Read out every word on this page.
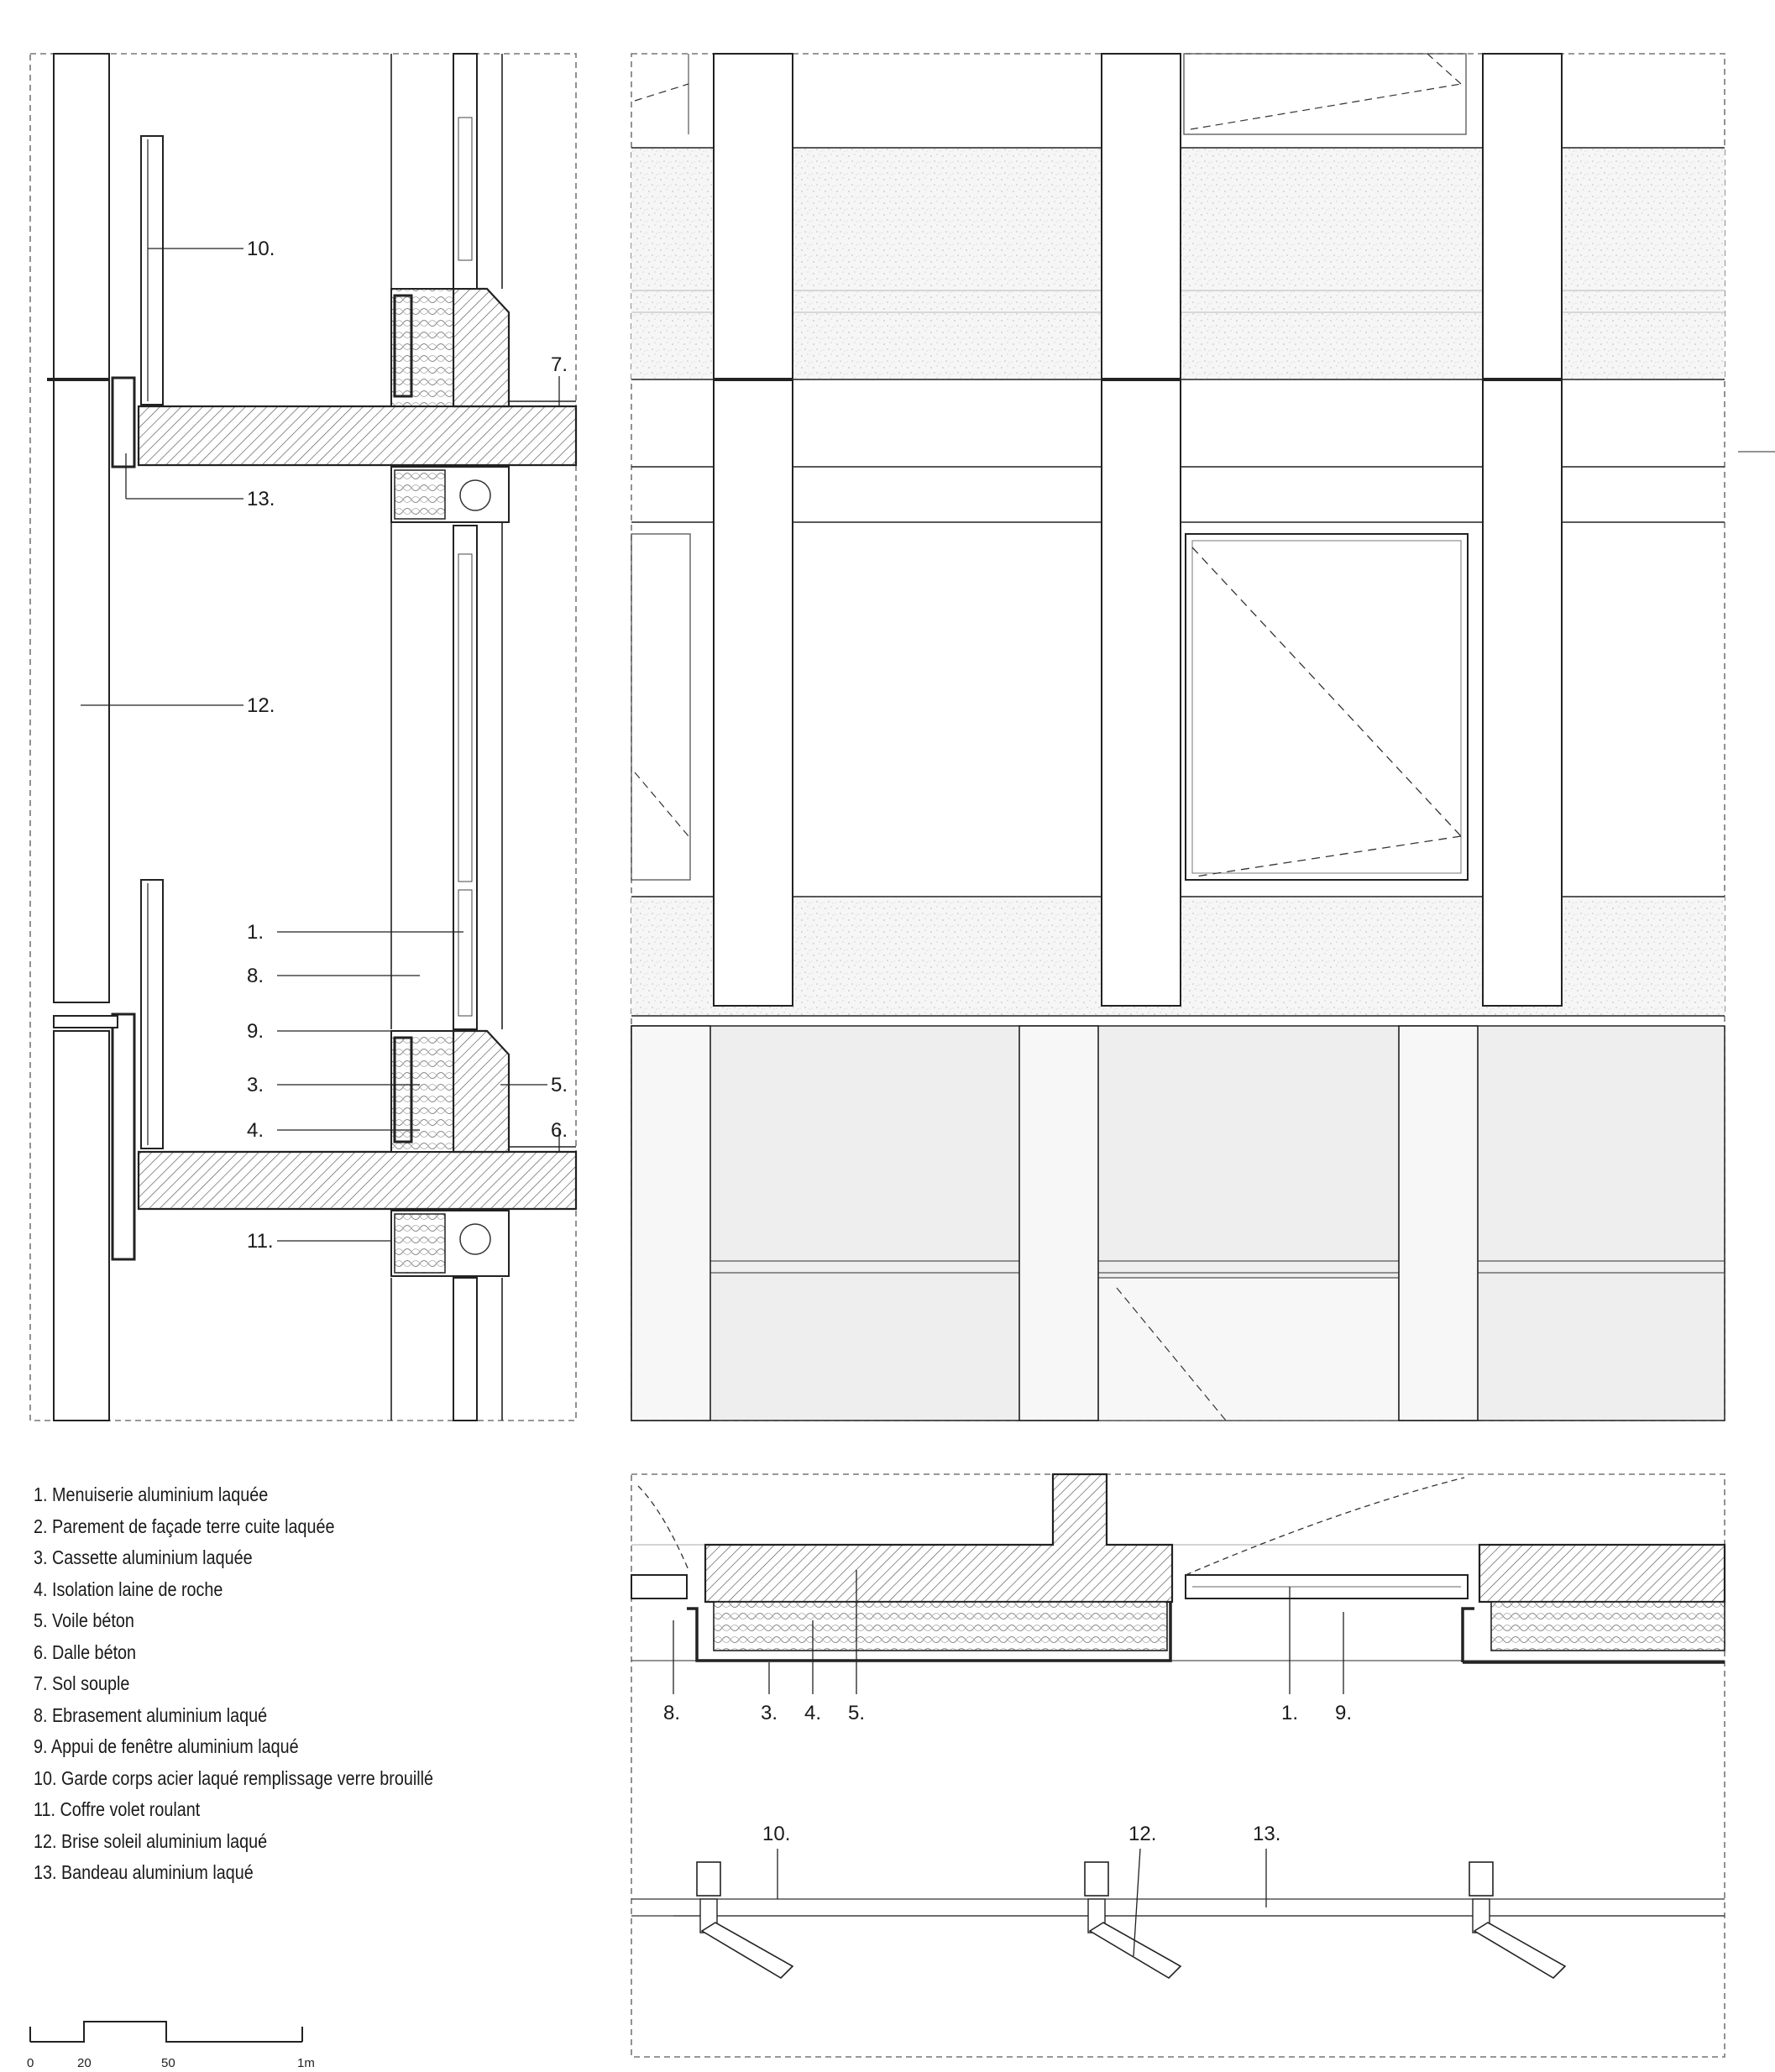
10.
7.
13.
12.
1.
8.
9.
3.	5.
4.	6.
11.
8.	3. 4. 5.	1. 9.
10.	12.	13.
0	20	50	1m
1. Menuiserie aluminium laquée
2. Parement de façade terre cuite laquée
3. Cassette aluminium laquée
4. Isolation laine de roche
5. Voile béton
6. Dalle béton
7. Sol souple
8. Ebrasement aluminium laqué
9. Appui de fenêtre aluminium laqué
10. Garde corps acier laqué remplissage verre brouillé
11. Coffre volet roulant
12. Brise soleil aluminium laqué
13. Bandeau aluminium laqué
